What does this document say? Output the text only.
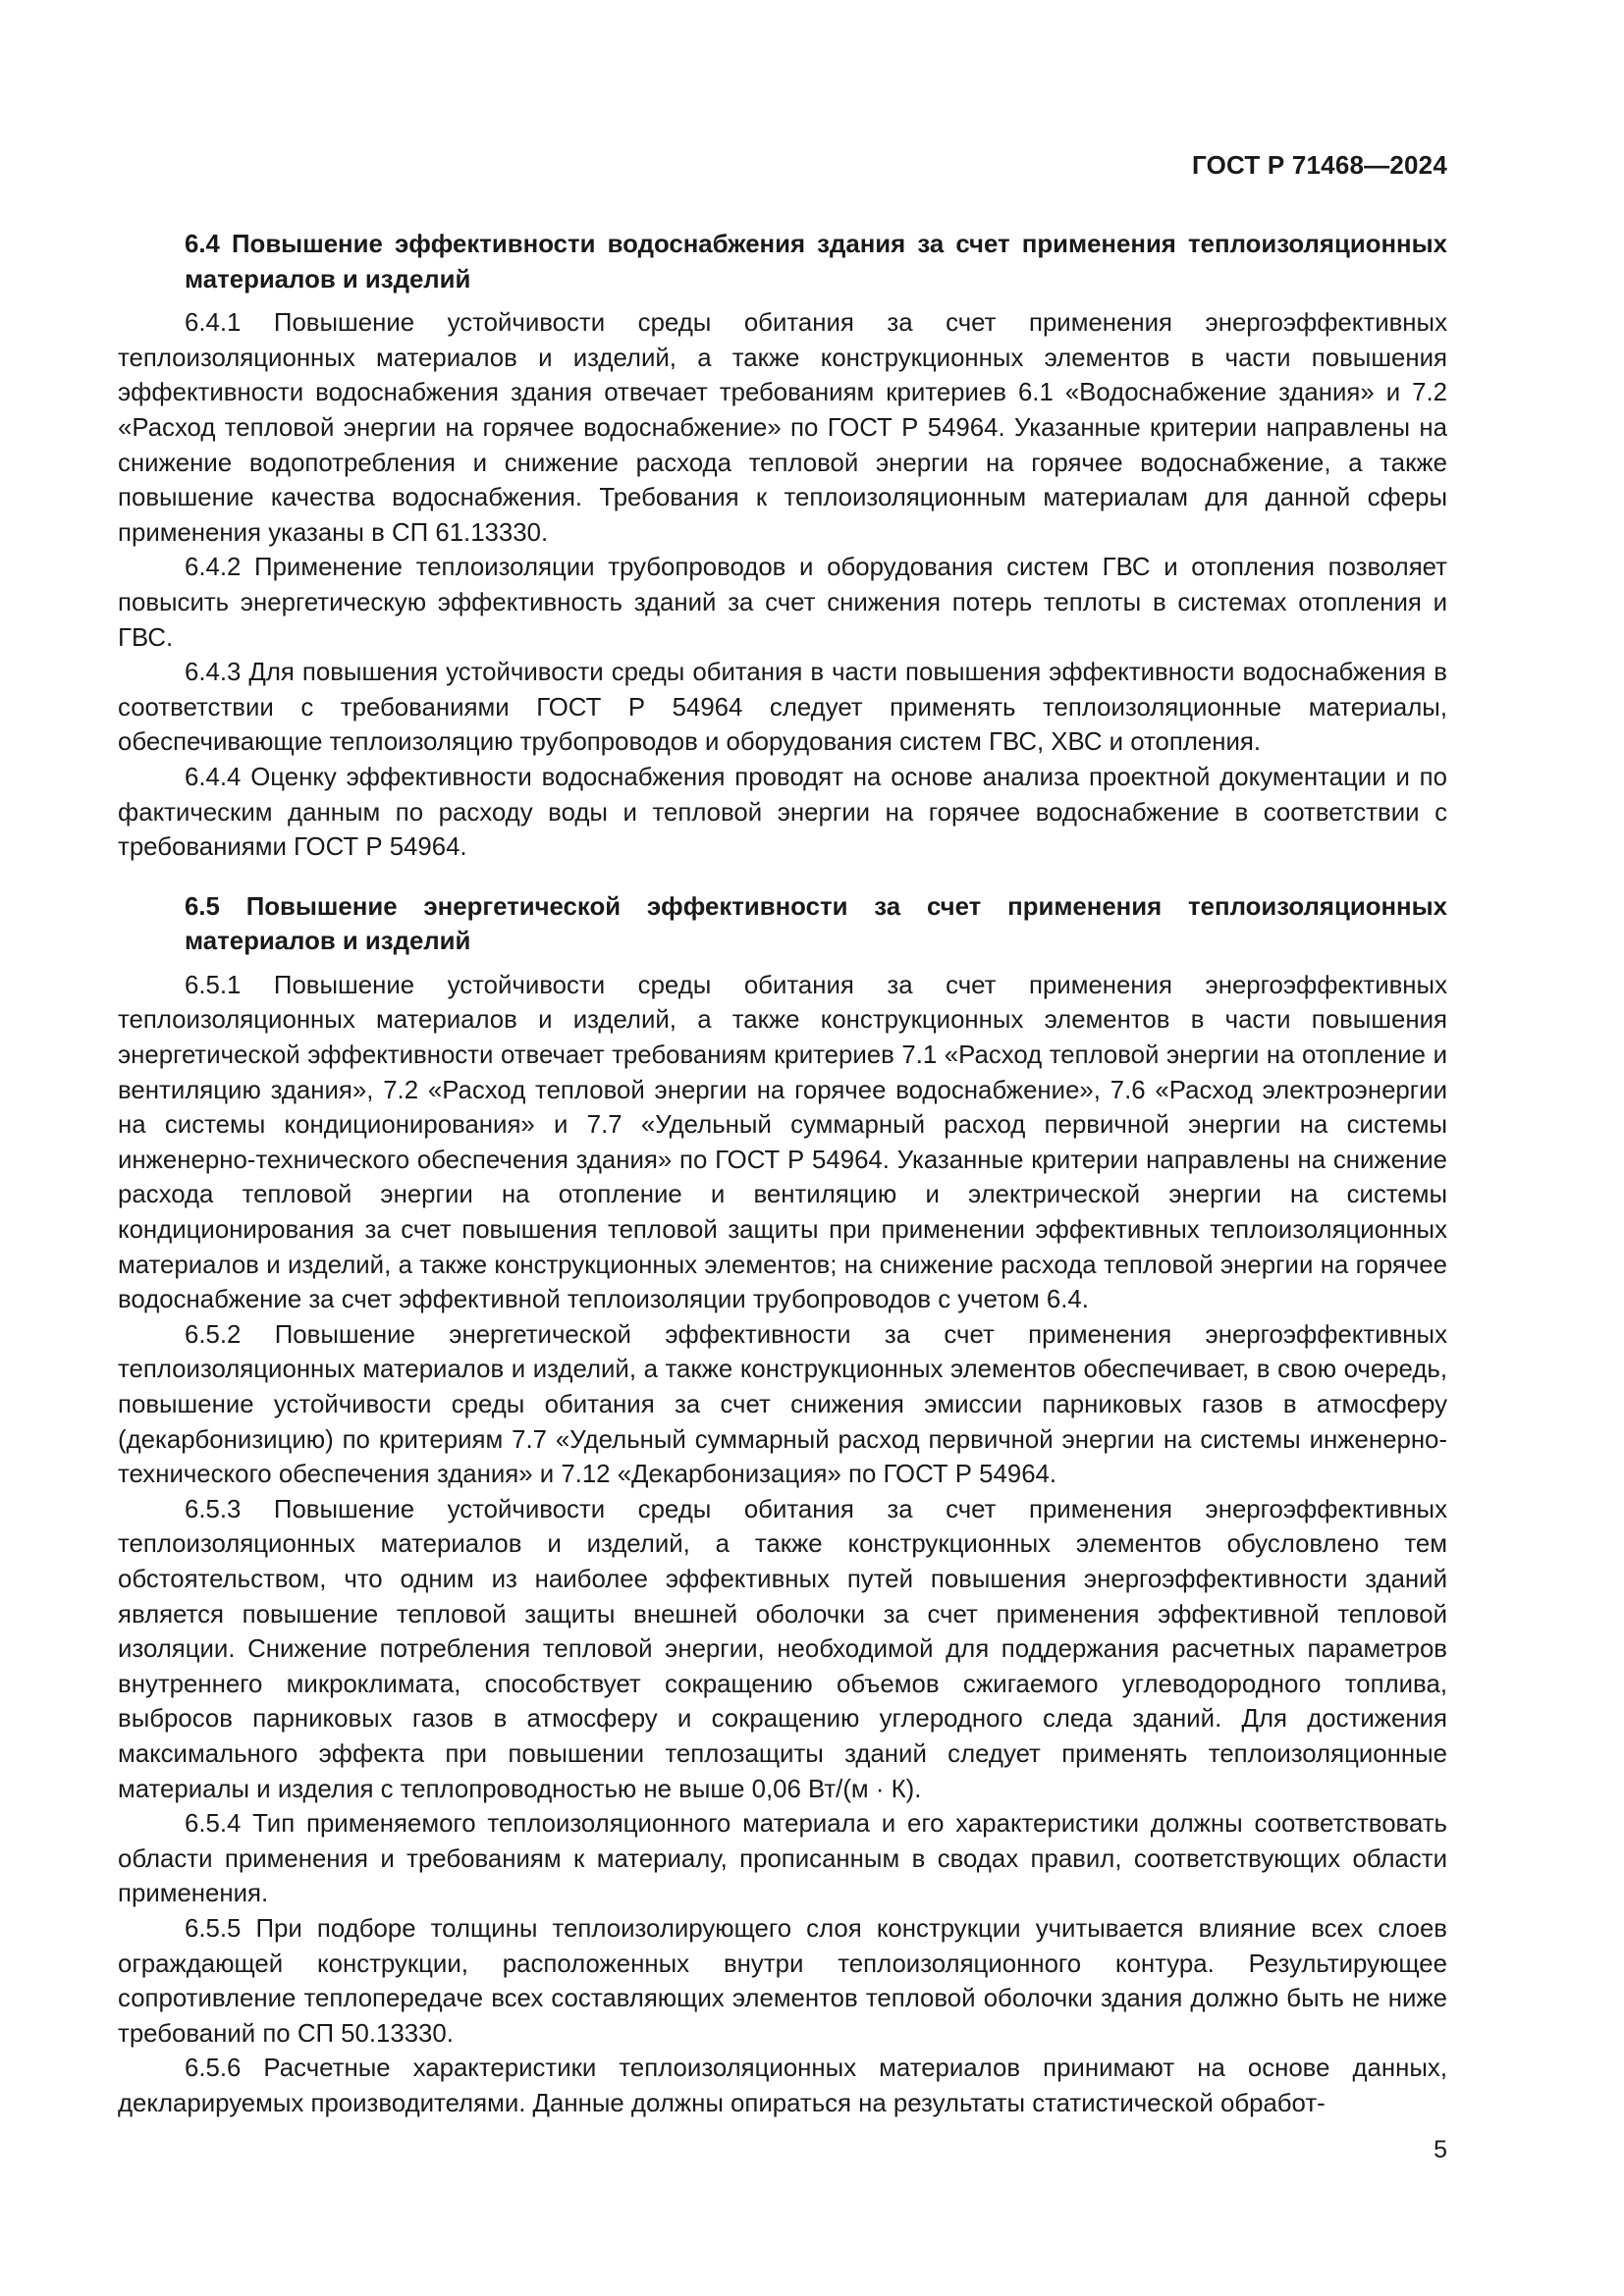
ГОСТ Р 71468—2024

6.4 Повышение эффективности водоснабжения здания за счет применения теплоизоляционных материалов и изделий

6.4.1 Повышение устойчивости среды обитания за счет применения энергоэффективных теплоизоляционных материалов и изделий, а также конструкционных элементов в части повышения эффективности водоснабжения здания отвечает требованиям критериев 6.1 «Водоснабжение здания» и 7.2 «Расход тепловой энергии на горячее водоснабжение» по ГОСТ Р 54964. Указанные критерии направлены на снижение водопотребления и снижение расхода тепловой энергии на горячее водоснабжение, а также повышение качества водоснабжения. Требования к теплоизоляционным материалам для данной сферы применения указаны в СП 61.13330.

6.4.2 Применение теплоизоляции трубопроводов и оборудования систем ГВС и отопления позволяет повысить энергетическую эффективность зданий за счет снижения потерь теплоты в системах отопления и ГВС.

6.4.3 Для повышения устойчивости среды обитания в части повышения эффективности водоснабжения в соответствии с требованиями ГОСТ Р 54964 следует применять теплоизоляционные материалы, обеспечивающие теплоизоляцию трубопроводов и оборудования систем ГВС, ХВС и отопления.

6.4.4 Оценку эффективности водоснабжения проводят на основе анализа проектной документации и по фактическим данным по расходу воды и тепловой энергии на горячее водоснабжение в соответствии с требованиями ГОСТ Р 54964.

6.5 Повышение энергетической эффективности за счет применения теплоизоляционных материалов и изделий

6.5.1 Повышение устойчивости среды обитания за счет применения энергоэффективных теплоизоляционных материалов и изделий, а также конструкционных элементов в части повышения энергетической эффективности отвечает требованиям критериев 7.1 «Расход тепловой энергии на отопление и вентиляцию здания», 7.2 «Расход тепловой энергии на горячее водоснабжение», 7.6 «Расход электроэнергии на системы кондиционирования» и 7.7 «Удельный суммарный расход первичной энергии на системы инженерно-технического обеспечения здания» по ГОСТ Р 54964. Указанные критерии направлены на снижение расхода тепловой энергии на отопление и вентиляцию и электрической энергии на системы кондиционирования за счет повышения тепловой защиты при применении эффективных теплоизоляционных материалов и изделий, а также конструкционных элементов; на снижение расхода тепловой энергии на горячее водоснабжение за счет эффективной теплоизоляции трубопроводов с учетом 6.4.

6.5.2 Повышение энергетической эффективности за счет применения энергоэффективных теплоизоляционных материалов и изделий, а также конструкционных элементов обеспечивает, в свою очередь, повышение устойчивости среды обитания за счет снижения эмиссии парниковых газов в атмосферу (декарбонизицию) по критериям 7.7 «Удельный суммарный расход первичной энергии на системы инженерно-технического обеспечения здания» и 7.12 «Декарбонизация» по ГОСТ Р 54964.

6.5.3 Повышение устойчивости среды обитания за счет применения энергоэффективных теплоизоляционных материалов и изделий, а также конструкционных элементов обусловлено тем обстоятельством, что одним из наиболее эффективных путей повышения энергоэффективности зданий является повышение тепловой защиты внешней оболочки за счет применения эффективной тепловой изоляции. Снижение потребления тепловой энергии, необходимой для поддержания расчетных параметров внутреннего микроклимата, способствует сокращению объемов сжигаемого углеводородного топлива, выбросов парниковых газов в атмосферу и сокращению углеродного следа зданий. Для достижения максимального эффекта при повышении теплозащиты зданий следует применять теплоизоляционные материалы и изделия с теплопроводностью не выше 0,06 Вт/(м · К).

6.5.4 Тип применяемого теплоизоляционного материала и его характеристики должны соответствовать области применения и требованиям к материалу, прописанным в сводах правил, соответствующих области применения.

6.5.5 При подборе толщины теплоизолирующего слоя конструкции учитывается влияние всех слоев ограждающей конструкции, расположенных внутри теплоизоляционного контура. Результирующее сопротивление теплопередаче всех составляющих элементов тепловой оболочки здания должно быть не ниже требований по СП 50.13330.

6.5.6 Расчетные характеристики теплоизоляционных материалов принимают на основе данных, декларируемых производителями. Данные должны опираться на результаты статистической обработ-

5
